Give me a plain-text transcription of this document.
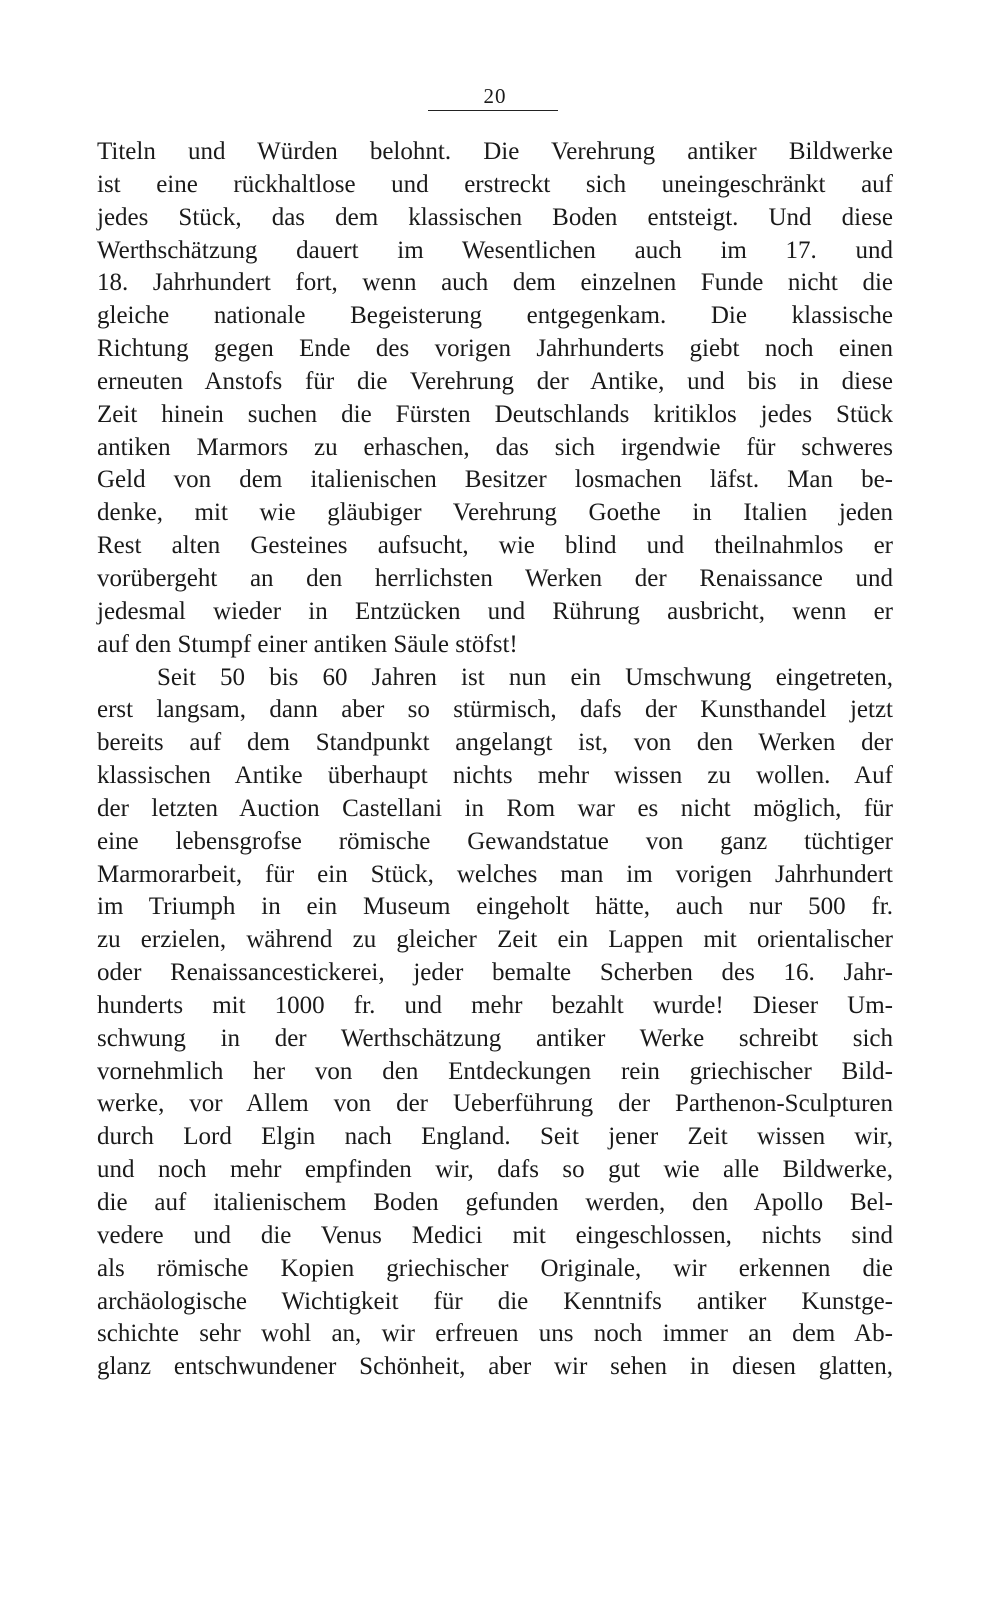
20
Titeln und Würden belohnt. Die Verehrung antiker Bildwerke
ist eine rückhaltlose und erstreckt sich uneingeschränkt auf
jedes Stück, das dem klassischen Boden entsteigt. Und diese
Werthschätzung dauert im Wesentlichen auch im 17. und
18. Jahrhundert fort, wenn auch dem einzelnen Funde nicht die
gleiche nationale Begeisterung entgegenkam. Die klassische
Richtung gegen Ende des vorigen Jahrhunderts giebt noch einen
erneuten Anstofs für die Verehrung der Antike, und bis in diese
Zeit hinein suchen die Fürsten Deutschlands kritiklos jedes Stück
antiken Marmors zu erhaschen, das sich irgendwie für schweres
Geld von dem italienischen Besitzer losmachen läfst. Man be-
denke, mit wie gläubiger Verehrung Goethe in Italien jeden
Rest alten Gesteines aufsucht, wie blind und theilnahmlos er
vorübergeht an den herrlichsten Werken der Renaissance und
jedesmal wieder in Entzücken und Rührung ausbricht, wenn er
auf den Stumpf einer antiken Säule stöfst!
Seit 50 bis 60 Jahren ist nun ein Umschwung eingetreten,
erst langsam, dann aber so stürmisch, dafs der Kunsthandel jetzt
bereits auf dem Standpunkt angelangt ist, von den Werken der
klassischen Antike überhaupt nichts mehr wissen zu wollen. Auf
der letzten Auction Castellani in Rom war es nicht möglich, für
eine lebensgrofse römische Gewandstatue von ganz tüchtiger
Marmorarbeit, für ein Stück, welches man im vorigen Jahrhundert
im Triumph in ein Museum eingeholt hätte, auch nur 500 fr.
zu erzielen, während zu gleicher Zeit ein Lappen mit orientalischer
oder Renaissancestickerei, jeder bemalte Scherben des 16. Jahr-
hunderts mit 1000 fr. und mehr bezahlt wurde! Dieser Um-
schwung in der Werthschätzung antiker Werke schreibt sich
vornehmlich her von den Entdeckungen rein griechischer Bild-
werke, vor Allem von der Ueberführung der Parthenon-Sculpturen
durch Lord Elgin nach England. Seit jener Zeit wissen wir,
und noch mehr empfinden wir, dafs so gut wie alle Bildwerke,
die auf italienischem Boden gefunden werden, den Apollo Bel-
vedere und die Venus Medici mit eingeschlossen, nichts sind
als römische Kopien griechischer Originale, wir erkennen die
archäologische Wichtigkeit für die Kenntnifs antiker Kunstge-
schichte sehr wohl an, wir erfreuen uns noch immer an dem Ab-
glanz entschwundener Schönheit, aber wir sehen in diesen glatten,
